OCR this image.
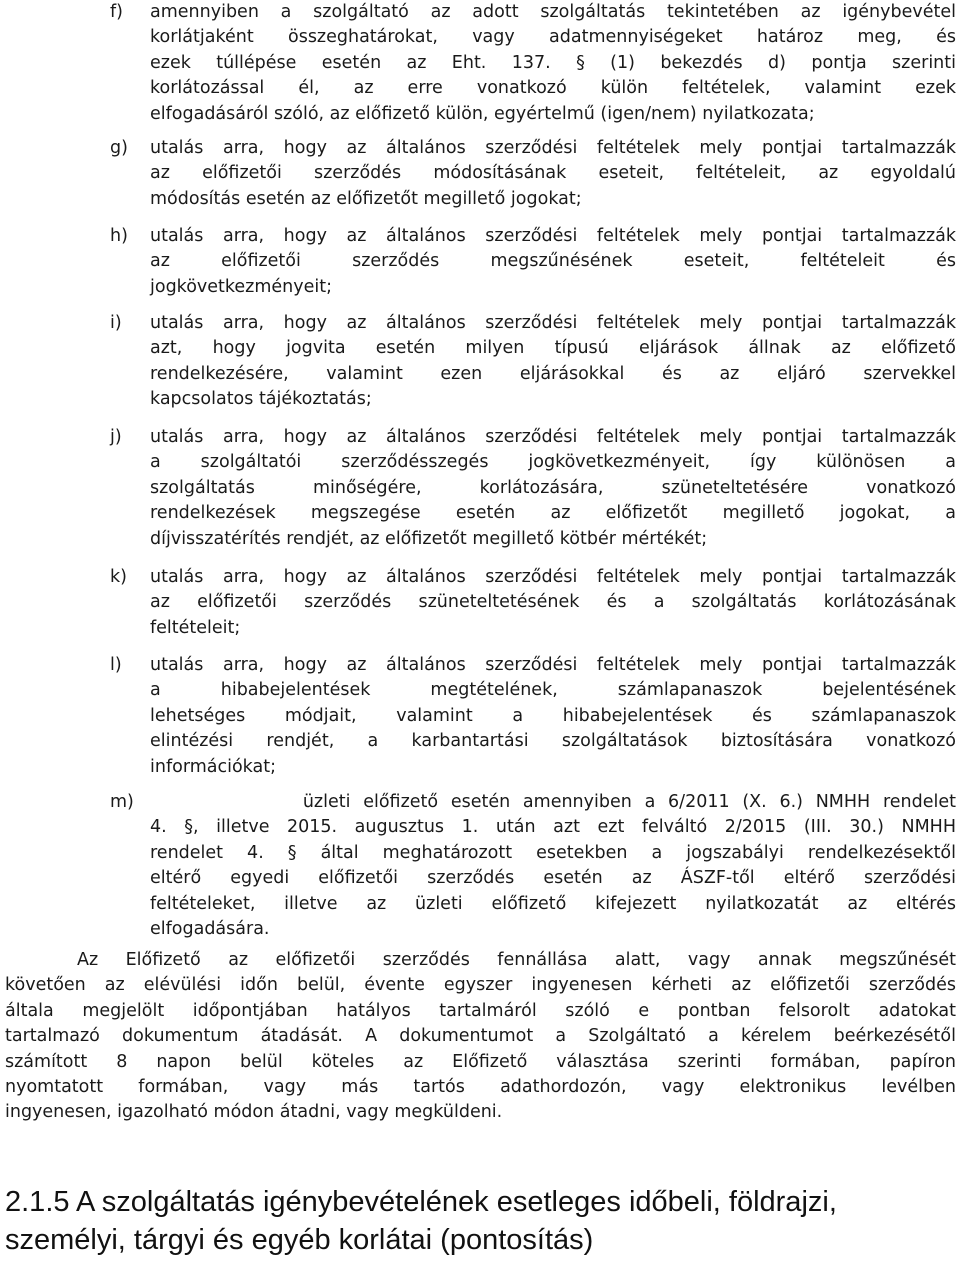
f)	amennyiben a szolgáltató az adott szolgáltatás tekintetében az igénybevétel
korlátjaként összeghatárokat, vagy adatmennyiségeket határoz meg, és
ezek túllépése esetén az Eht. 137. § (1) bekezdés d) pontja szerinti
korlátozással él, az erre vonatkozó külön feltételek, valamint ezek
elfogadásáról szóló, az előfizető külön, egyértelmű (igen/nem) nyilatkozata;
g)	utalás arra, hogy az általános szerződési feltételek mely pontjai tartalmazzák
az előfizetői szerződés módosításának eseteit, feltételeit, az egyoldalú
módosítás esetén az előfizetőt megillető jogokat;
h)	utalás arra, hogy az általános szerződési feltételek mely pontjai tartalmazzák
az előfizetői szerződés megszűnésének eseteit, feltételeit és
jogkövetkezményeit;
i)	utalás arra, hogy az általános szerződési feltételek mely pontjai tartalmazzák
azt, hogy jogvita esetén milyen típusú eljárások állnak az előfizető
rendelkezésére, valamint ezen eljárásokkal és az eljáró szervekkel
kapcsolatos tájékoztatás;
j)	utalás arra, hogy az általános szerződési feltételek mely pontjai tartalmazzák
a szolgáltatói szerződésszegés jogkövetkezményeit, így különösen a
szolgáltatás minőségére, korlátozására, szüneteltetésére vonatkozó
rendelkezések megszegése esetén az előfizetőt megillető jogokat, a
díjvisszatérítés rendjét, az előfizetőt megillető kötbér mértékét;
k)	utalás arra, hogy az általános szerződési feltételek mely pontjai tartalmazzák
az előfizetői szerződés szüneteltetésének és a szolgáltatás korlátozásának
feltételeit;
l)	utalás arra, hogy az általános szerződési feltételek mely pontjai tartalmazzák
a hibabejelentések megtételének, számlapanaszok bejelentésének
lehetséges módjait, valamint a hibabejelentések és számlapanaszok
elintézési rendjét, a karbantartási szolgáltatások biztosítására vonatkozó
információkat;
m) üzleti előfizető esetén amennyiben a 6/2011 (X. 6.) NMHH rendelet
4. §, illetve 2015. augusztus 1. után azt ezt felváltó 2/2015 (III. 30.) NMHH
rendelet 4. § által meghatározott esetekben a jogszabályi rendelkezésektől
eltérő egyedi előfizetői szerződés esetén az ÁSZF-től eltérő szerződési
feltételeket, illetve az üzleti előfizető kifejezett nyilatkozatát az eltérés
elfogadására.
Az Előfizető az előfizetői szerződés fennállása alatt, vagy annak megszűnését
követően az elévülési időn belül, évente egyszer ingyenesen kérheti az előfizetői szerződés
általa megjelölt időpontjában hatályos tartalmáról szóló e pontban felsorolt adatokat
tartalmazó dokumentum átadását. A dokumentumot a Szolgáltató a kérelem beérkezésétől
számított 8 napon belül köteles az Előfizető választása szerinti formában, papíron
nyomtatott formában, vagy más tartós adathordozón, vagy elektronikus levélben
ingyenesen, igazolható módon átadni, vagy megküldeni.
2.1.5 A szolgáltatás igénybevételének esetleges időbeli, földrajzi,
személyi, tárgyi és egyéb korlátai (pontosítás)
